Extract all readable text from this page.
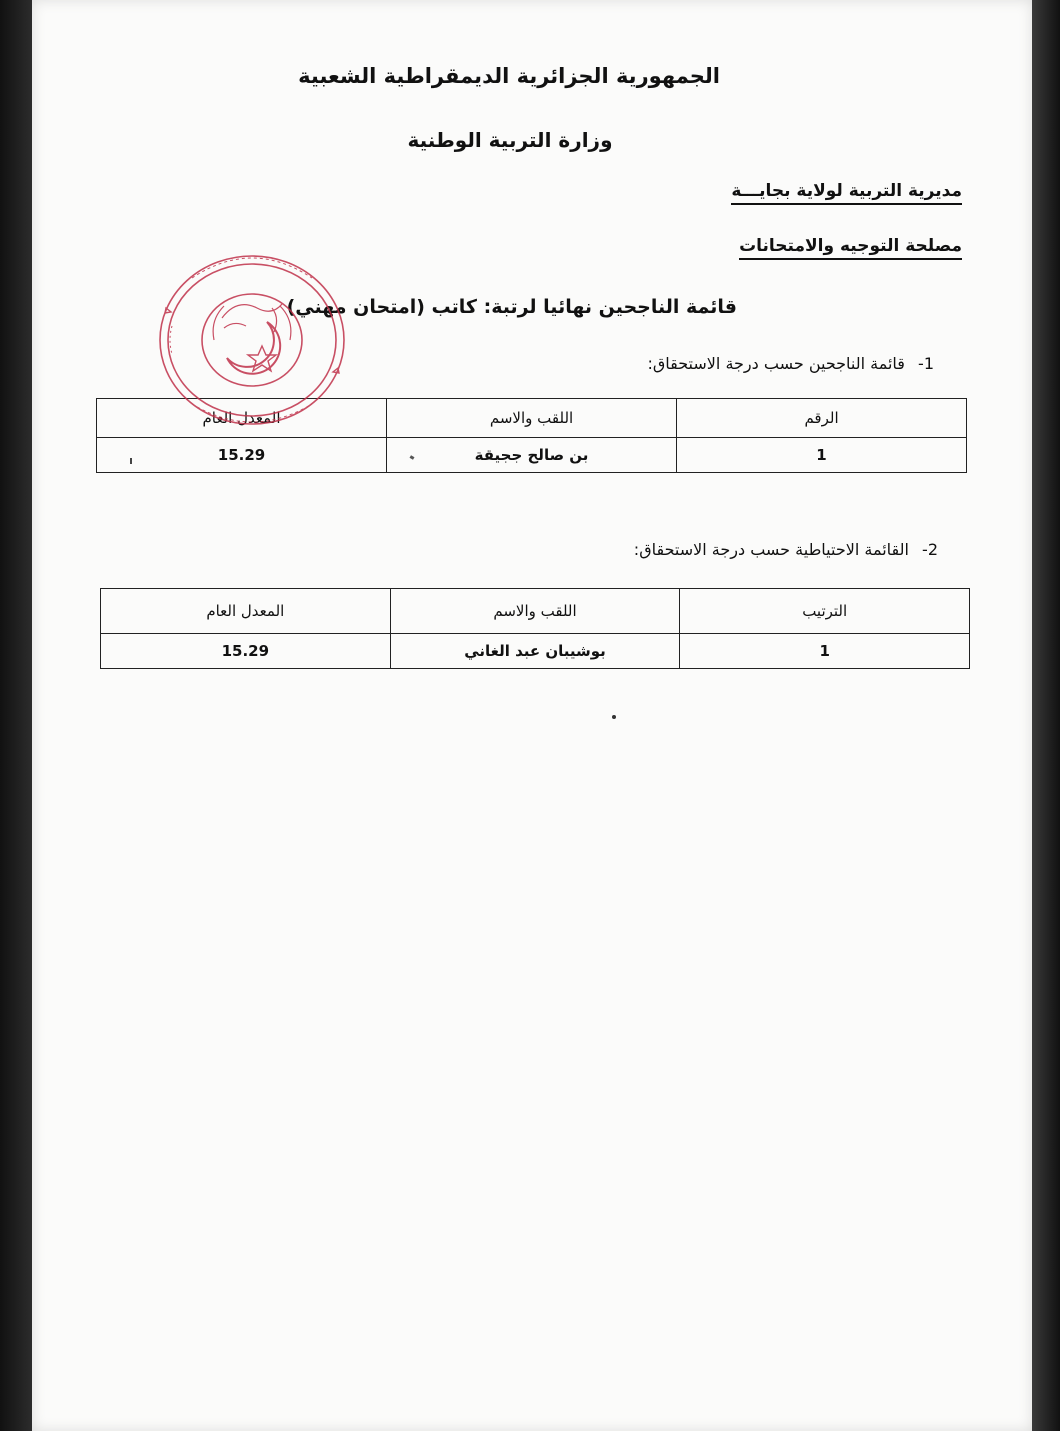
الجمهورية الجزائرية الديمقراطية الشعبية
وزارة التربية الوطنية
مديرية التربية لولاية بجايـــة
مصلحة التوجيه والامتحانات
قائمة الناجحين نهائيا لرتبة: كاتب (امتحان مهني)
-1 قائمة الناجحين حسب درجة الاستحقاق:
الرقم	اللقب والاسم	المعدل العام
1	بن صالح ججيقة	15.29
-2 القائمة الاحتياطية حسب درجة الاستحقاق:
الترتيب	اللقب والاسم	المعدل العام
1	بوشيبان عبد الغاني	15.29
